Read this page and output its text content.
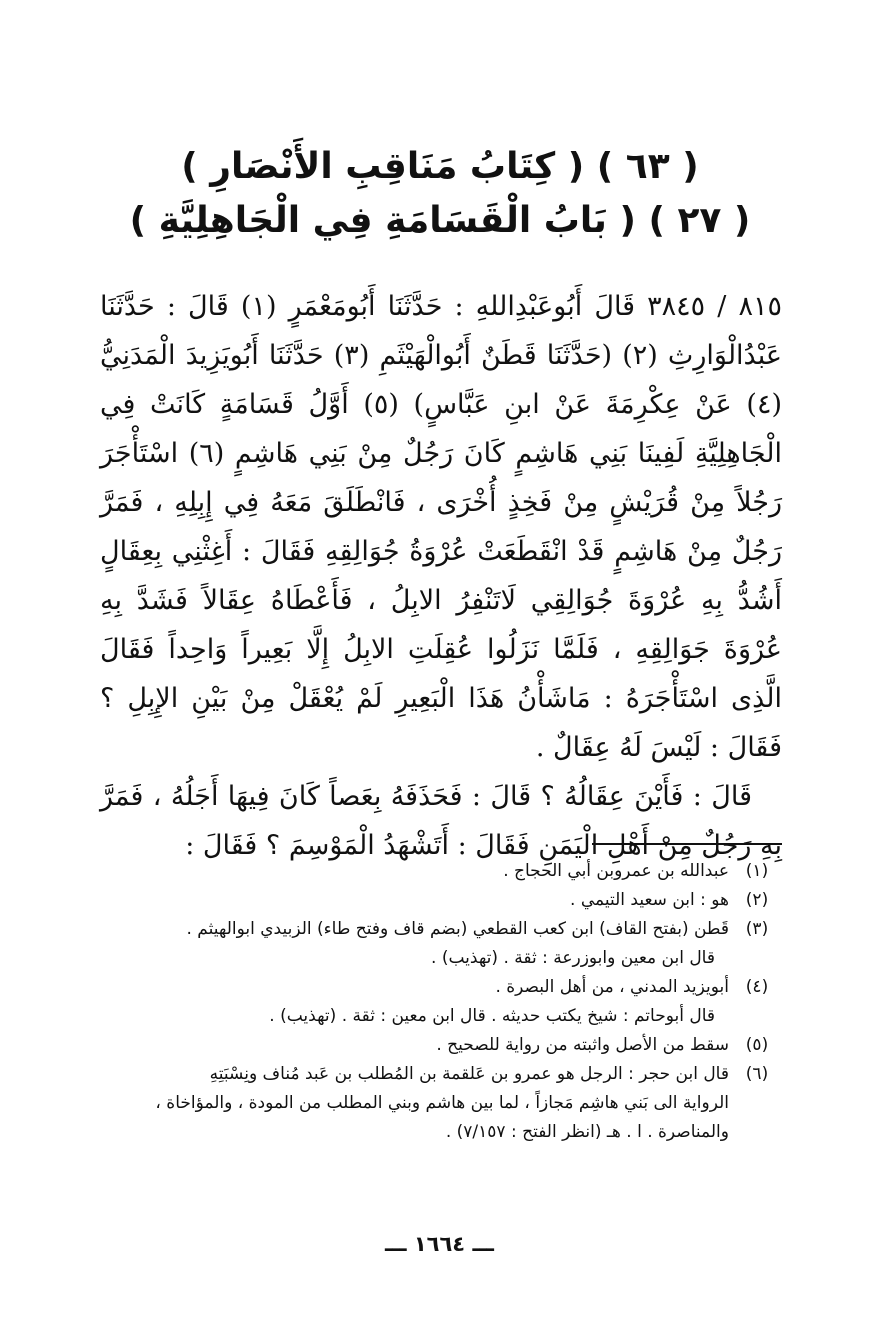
( ٦٣ ) ( كِتَابُ مَنَاقِبِ الأَنْصَارِ )
( ٢٧ ) ( بَابُ الْقَسَامَةِ فِي الْجَاهِلِيَّةِ )

٨١٥ / ٣٨٤٥ قَالَ أَبُوعَبْدِاللهِ : حَدَّثَنَا أَبُومَعْمَرٍ (١) قَالَ : حَدَّثَنَا عَبْدُالْوَارِثِ (٢) (حَدَّثَنَا قَطَنٌ أَبُوالْهَيْثَمِ (٣) حَدَّثَنَا أَبُويَزِيدَ الْمَدَنِيُّ (٤) عَنْ عِكْرِمَةَ عَنْ ابنِ عَبَّاسٍ) (٥) أَوَّلُ قَسَامَةٍ كَانَتْ فِي الْجَاهِلِيَّةِ لَفِينَا بَنِي هَاشِمٍ كَانَ رَجُلٌ مِنْ بَنِي هَاشِمٍ (٦) اسْتَأْجَرَ رَجُلاً مِنْ قُرَيْشٍ مِنْ فَخِذٍ أُخْرَى ، فَانْطَلَقَ مَعَهُ فِي إِبِلِهِ ، فَمَرَّ رَجُلٌ مِنْ هَاشِمٍ قَدْ انْقَطَعَتْ عُرْوَةُ جُوَالِقِهِ فَقَالَ : أَغِثْنِي بِعِقَالٍ أَشُدُّ بِهِ عُرْوَةَ جُوَالِقِي لَاتَنْفِرُ الابِلُ ، فَأَعْطَاهُ عِقَالاً فَشَدَّ بِهِ عُرْوَةَ جَوَالِقِهِ ، فَلَمَّا نَزَلُوا عُقِلَتِ الابِلُ إِلَّا بَعِيراً وَاحِداً فَقَالَ الَّذِى اسْتَأْجَرَهُ : مَاشَأْنُ هَذَا الْبَعِيرِ لَمْ يُعْقَلْ مِنْ بَيْنِ الإِبِلِ ؟ فَقَالَ : لَيْسَ لَهُ عِقَالٌ .

قَالَ : فَأَيْنَ عِقَالُهُ ؟ قَالَ : فَحَذَفَهُ بِعَصاً كَانَ فِيهَا أَجَلُهُ ، فَمَرَّ بِهِ رَجُلٌ مِنْ أَهْلِ الْيَمَنِ فَقَالَ : أَتَشْهَدُ الْمَوْسِمَ ؟ فَقَالَ :

(١)
عبدالله بن عمروبن أبي الحجاج .
(٢)
هو : ابن سعيد التيمي .
(٣)
قَطن (بفتح القاف) ابن كعب القطعي (بضم قاف وفتح طاء) الزبيدي ابوالهيثم .
قال ابن معين وابوزرعة : ثقة . (تهذيب) .
(٤)
أبويزيد المدني ، من أهل البصرة .
قال أبوحاتم : شيخ يكتب حديثه . قال ابن معين : ثقة . (تهذيب) .
(٥)
سقط من الأصل واثبته من رواية للصحيح .
(٦)
قال ابن حجر : الرجل هو عمرو بن عَلقمة بن المُطلب بن عَبد مُناف ونِسْبَتِهِ
الرواية الى بَني هاشِم مَجازاً ، لما بين هاشم وبني المطلب من المودة ، والمؤاخاة ،
والمناصرة . ا . هـ (انظر الفتح : ٧/١٥٧) .
ـــ ١٦٦٤ ـــ
